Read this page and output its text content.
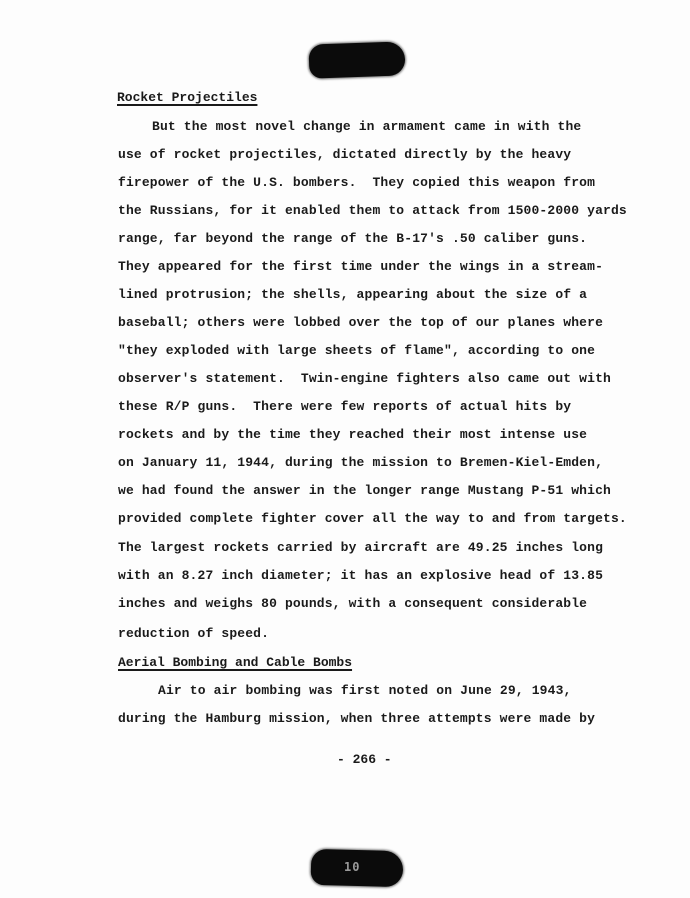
Rocket Projectiles
But the most novel change in armament came in with the
use of rocket projectiles, dictated directly by the heavy
firepower of the U.S. bombers.  They copied this weapon from
the Russians, for it enabled them to attack from 1500-2000 yards
range, far beyond the range of the B-17's .50 caliber guns.
They appeared for the first time under the wings in a stream-
lined protrusion; the shells, appearing about the size of a
baseball; others were lobbed over the top of our planes where
"they exploded with large sheets of flame", according to one
observer's statement.  Twin-engine fighters also came out with
these R/P guns.  There were few reports of actual hits by
rockets and by the time they reached their most intense use
on January 11, 1944, during the mission to Bremen-Kiel-Emden,
we had found the answer in the longer range Mustang P-51 which
provided complete fighter cover all the way to and from targets.
The largest rockets carried by aircraft are 49.25 inches long
with an 8.27 inch diameter; it has an explosive head of 13.85
inches and weighs 80 pounds, with a consequent considerable
reduction of speed.
Aerial Bombing and Cable Bombs
Air to air bombing was first noted on June 29, 1943,
during the Hamburg mission, when three attempts were made by
- 266 -
10
